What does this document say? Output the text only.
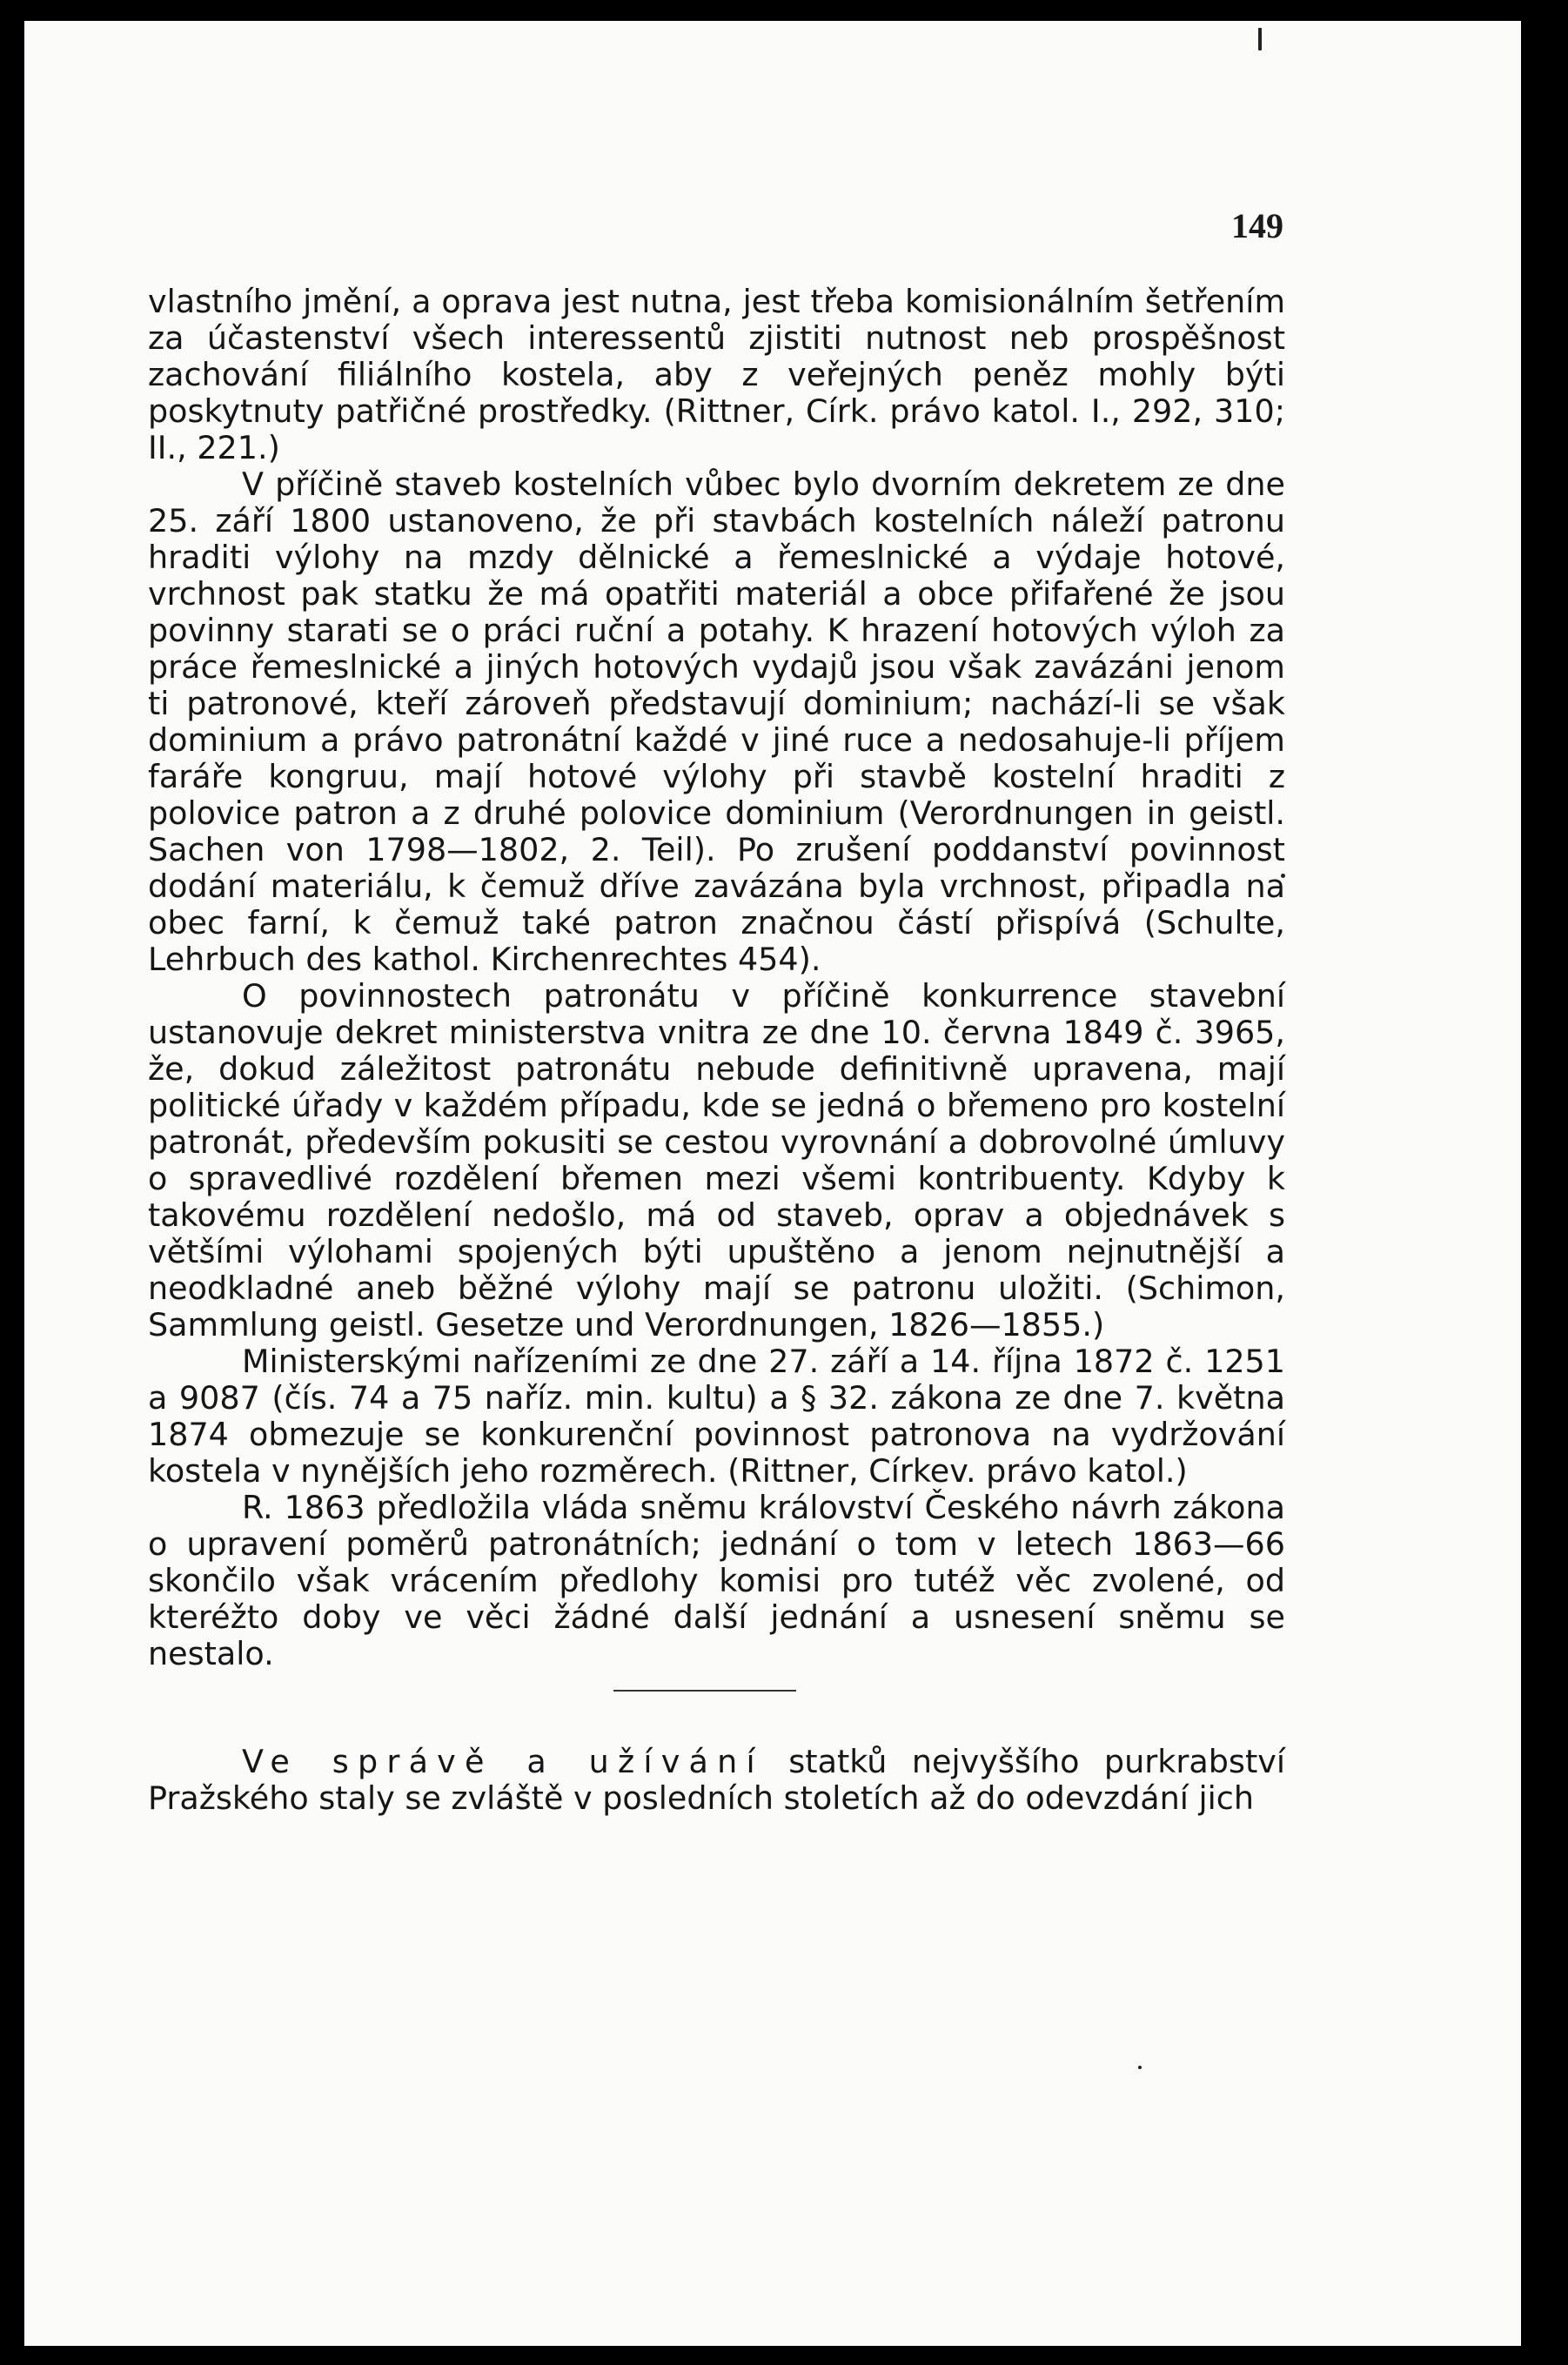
149

vlastního jmění, a oprava jest nutna, jest třeba komisionálním šetřením za účastenství všech interessentů zjistiti nutnost neb prospěšnost zachování filiálního kostela, aby z veřejných peněz mohly býti poskytnuty patřičné prostředky. (Rittner, Círk. právo katol. I., 292, 310; II., 221.)

V příčině staveb kostelních vůbec bylo dvorním dekretem ze dne 25. září 1800 ustanoveno, že při stavbách kostelních náleží patronu hraditi výlohy na mzdy dělnické a řemeslnické a výdaje hotové, vrchnost pak statku že má opatřiti materiál a obce přifařené že jsou povinny starati se o práci ruční a potahy. K hrazení hotových výloh za práce řemeslnické a jiných hotových vydajů jsou však zavázáni jenom ti patronové, kteří zároveň představují dominium; nachází-li se však dominium a právo patronátní každé v jiné ruce a nedosahuje-li příjem faráře kongruu, mají hotové výlohy při stavbě kostelní hraditi z polovice patron a z druhé polovice dominium (Verordnungen in geistl. Sachen von 1798—1802, 2. Teil). Po zrušení poddanství povinnost dodání materiálu, k čemuž dříve zavázána byla vrchnost, připadla na obec farní, k čemuž také patron značnou částí přispívá (Schulte, Lehrbuch des kathol. Kirchenrechtes 454).

O povinnostech patronátu v příčině konkurrence stavební ustanovuje dekret ministerstva vnitra ze dne 10. června 1849 č. 3965, že, dokud záležitost patronátu nebude definitivně upravena, mají politické úřady v každém případu, kde se jedná o břemeno pro kostelní patronát, především pokusiti se cestou vyrovnání a dobrovolné úmluvy o spravedlivé rozdělení břemen mezi všemi kontribuenty. Kdyby k takovému rozdělení nedošlo, má od staveb, oprav a objednávek s většími výlohami spojených býti upuštěno a jenom nejnutnější a neodkladné aneb běžné výlohy mají se patronu uložiti. (Schimon, Sammlung geistl. Gesetze und Verordnungen, 1826—1855.)

Ministerskými nařízeními ze dne 27. září a 14. října 1872 č. 1251 a 9087 (čís. 74 a 75 naříz. min. kultu) a § 32. zákona ze dne 7. května 1874 obmezuje se konkurenční povinnost patronova na vydržování kostela v nynějších jeho rozměrech. (Rittner, Církev. právo katol.)

R. 1863 předložila vláda sněmu království Českého návrh zákona o upravení poměrů patronátních; jednání o tom v letech 1863—66 skončilo však vrácením předlohy komisi pro tutéž věc zvolené, od kteréžto doby ve věci žádné další jednání a usnesení sněmu se nestalo.

Ve správě a užívání statků nejvyššího purkrabství Pražského staly se zvláště v posledních stoletích až do odevzdání jich
